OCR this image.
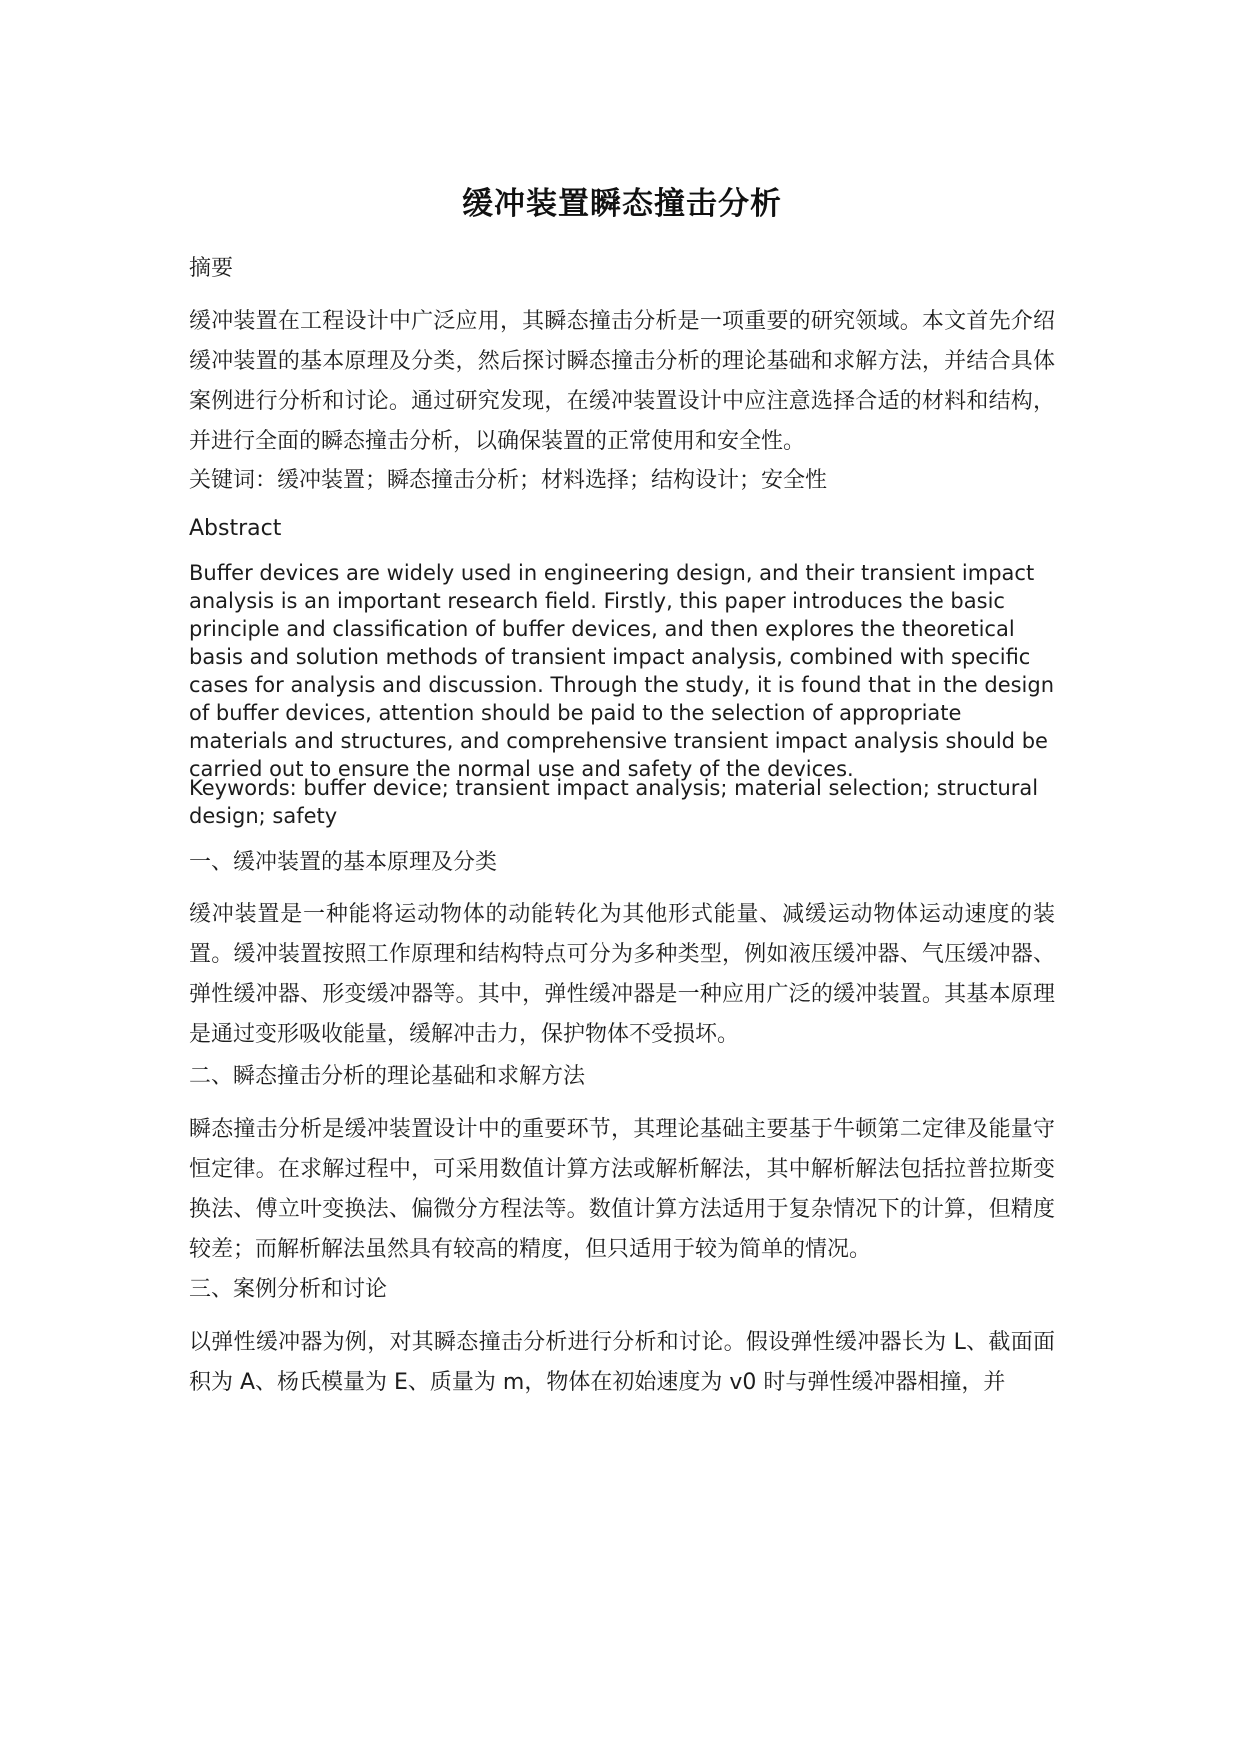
缓冲装置瞬态撞击分析
摘要
缓冲装置在工程设计中广泛应用，其瞬态撞击分析是一项重要的研究领域。本文首先介绍缓冲装置的基本原理及分类，然后探讨瞬态撞击分析的理论基础和求解方法，并结合具体案例进行分析和讨论。通过研究发现，在缓冲装置设计中应注意选择合适的材料和结构，并进行全面的瞬态撞击分析，以确保装置的正常使用和安全性。
关键词：缓冲装置；瞬态撞击分析；材料选择；结构设计；安全性
Abstract
Buffer devices are widely used in engineering design, and their transient impact analysis is an important research field. Firstly, this paper introduces the basic principle and classification of buffer devices, and then explores the theoretical basis and solution methods of transient impact analysis, combined with specific cases for analysis and discussion. Through the study, it is found that in the design of buffer devices, attention should be paid to the selection of appropriate materials and structures, and comprehensive transient impact analysis should be carried out to ensure the normal use and safety of the devices.
Keywords: buffer device; transient impact analysis; material selection; structural design; safety
一、缓冲装置的基本原理及分类
缓冲装置是一种能将运动物体的动能转化为其他形式能量、减缓运动物体运动速度的装置。缓冲装置按照工作原理和结构特点可分为多种类型，例如液压缓冲器、气压缓冲器、弹性缓冲器、形变缓冲器等。其中，弹性缓冲器是一种应用广泛的缓冲装置。其基本原理是通过变形吸收能量，缓解冲击力，保护物体不受损坏。
二、瞬态撞击分析的理论基础和求解方法
瞬态撞击分析是缓冲装置设计中的重要环节，其理论基础主要基于牛顿第二定律及能量守恒定律。在求解过程中，可采用数值计算方法或解析解法，其中解析解法包括拉普拉斯变换法、傅立叶变换法、偏微分方程法等。数值计算方法适用于复杂情况下的计算，但精度较差；而解析解法虽然具有较高的精度，但只适用于较为简单的情况。
三、案例分析和讨论
以弹性缓冲器为例，对其瞬态撞击分析进行分析和讨论。假设弹性缓冲器长为 L、截面面积为 A、杨氏模量为 E、质量为 m，物体在初始速度为 v0 时与弹性缓冲器相撞，并
